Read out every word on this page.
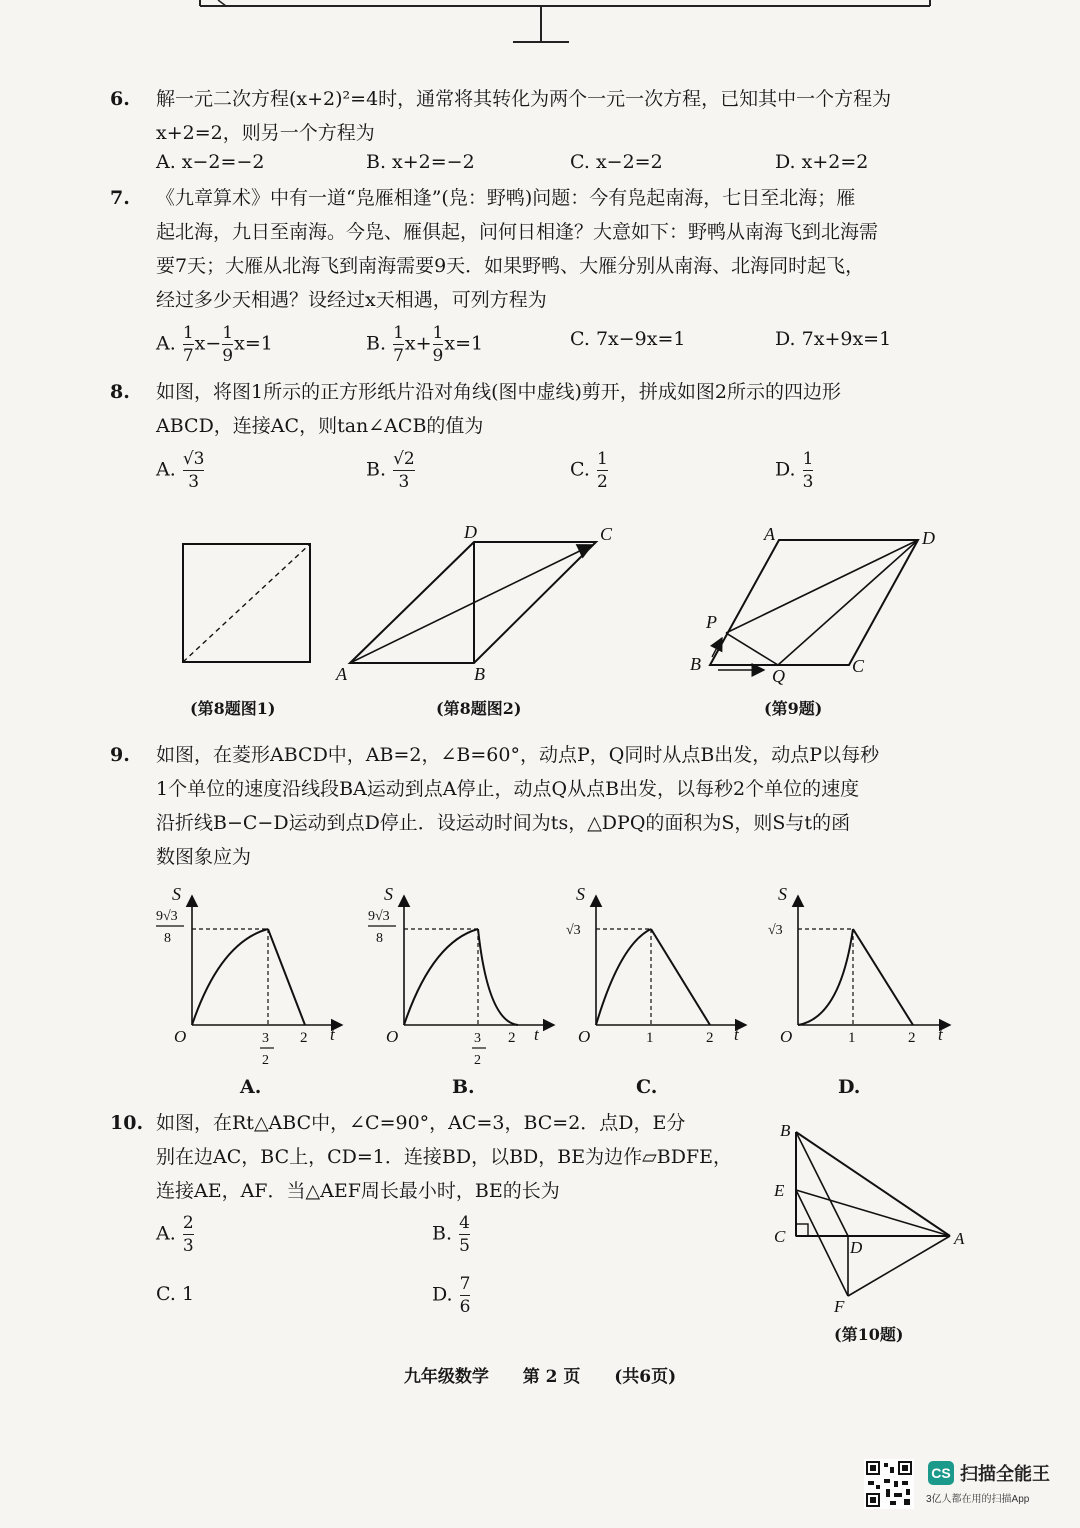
6. 解一元二次方程(x+2)²=4时，通常将其转化为两个一元一次方程，已知其中一个方程为
x+2=2，则另一个方程为
A. x−2=−2	B. x+2=−2	C. x−2=2	D. x+2=2
7. 《九章算术》中有一道“凫雁相逢”(凫：野鸭)问题：今有凫起南海，七日至北海；雁
起北海，九日至南海。今凫、雁俱起，问何日相逢？大意如下：野鸭从南海飞到北海需
要7天；大雁从北海飞到南海需要9天．如果野鸭、大雁分别从南海、北海同时起飞，
经过多少天相遇？设经过x天相遇，可列方程为
A. $\frac{1}{7} x- \frac{1}{9} x=1$	B. $\frac{1}{7} x+ \frac{1}{9} x=1$	C. 7x−9x=1	D. 7x+9x=1
8. 如图，将图1所示的正方形纸片沿对角线(图中虚线)剪开，拼成如图2所示的四边形
ABCD，连接AC，则tan∠ACB的值为
A. $\frac{√3}{3}$	B. $\frac{√2}{3}$	C. $\frac{1}{2}$	D. $\frac{1}{3}$
(第8题图1)
A	B
C
D
(第8题图2)
A
B	C
D
P
Q
(第9题)
9. 如图，在菱形ABCD中，AB=2，∠B=60°，动点P，Q同时从点B出发，动点P以每秒
1个单位的速度沿线段BA运动到点A停止，动点Q从点B出发，以每秒2个单位的速度
沿折线B−C−D运动到点D停止．设运动时间为ts，△DPQ的面积为S，则S与t的函
数图象应为
S
t
O
9√3
8
3
2
2
A.
S
t
O
9√3
8
3
2
2
B.
S
t
O
√3
1	2
C.
S
t
O
√3
1	2
D.
10. 如图，在Rt△ABC中，∠C=90°，AC=3，BC=2．点D，E分
别在边AC，BC上，CD=1．连接BD，以BD，BE为边作▱BDFE，
连接AE，AF．当△AEF周长最小时，BE的长为
A. $\frac{2}{3}$	B. $\frac{4}{5}$
C. 1	D. $\frac{7}{6}$
A
B
C
D
E
F
(第10题)
九年级数学 第 2 页 (共6页)
CS 扫描全能王
3亿人都在用的扫描App
